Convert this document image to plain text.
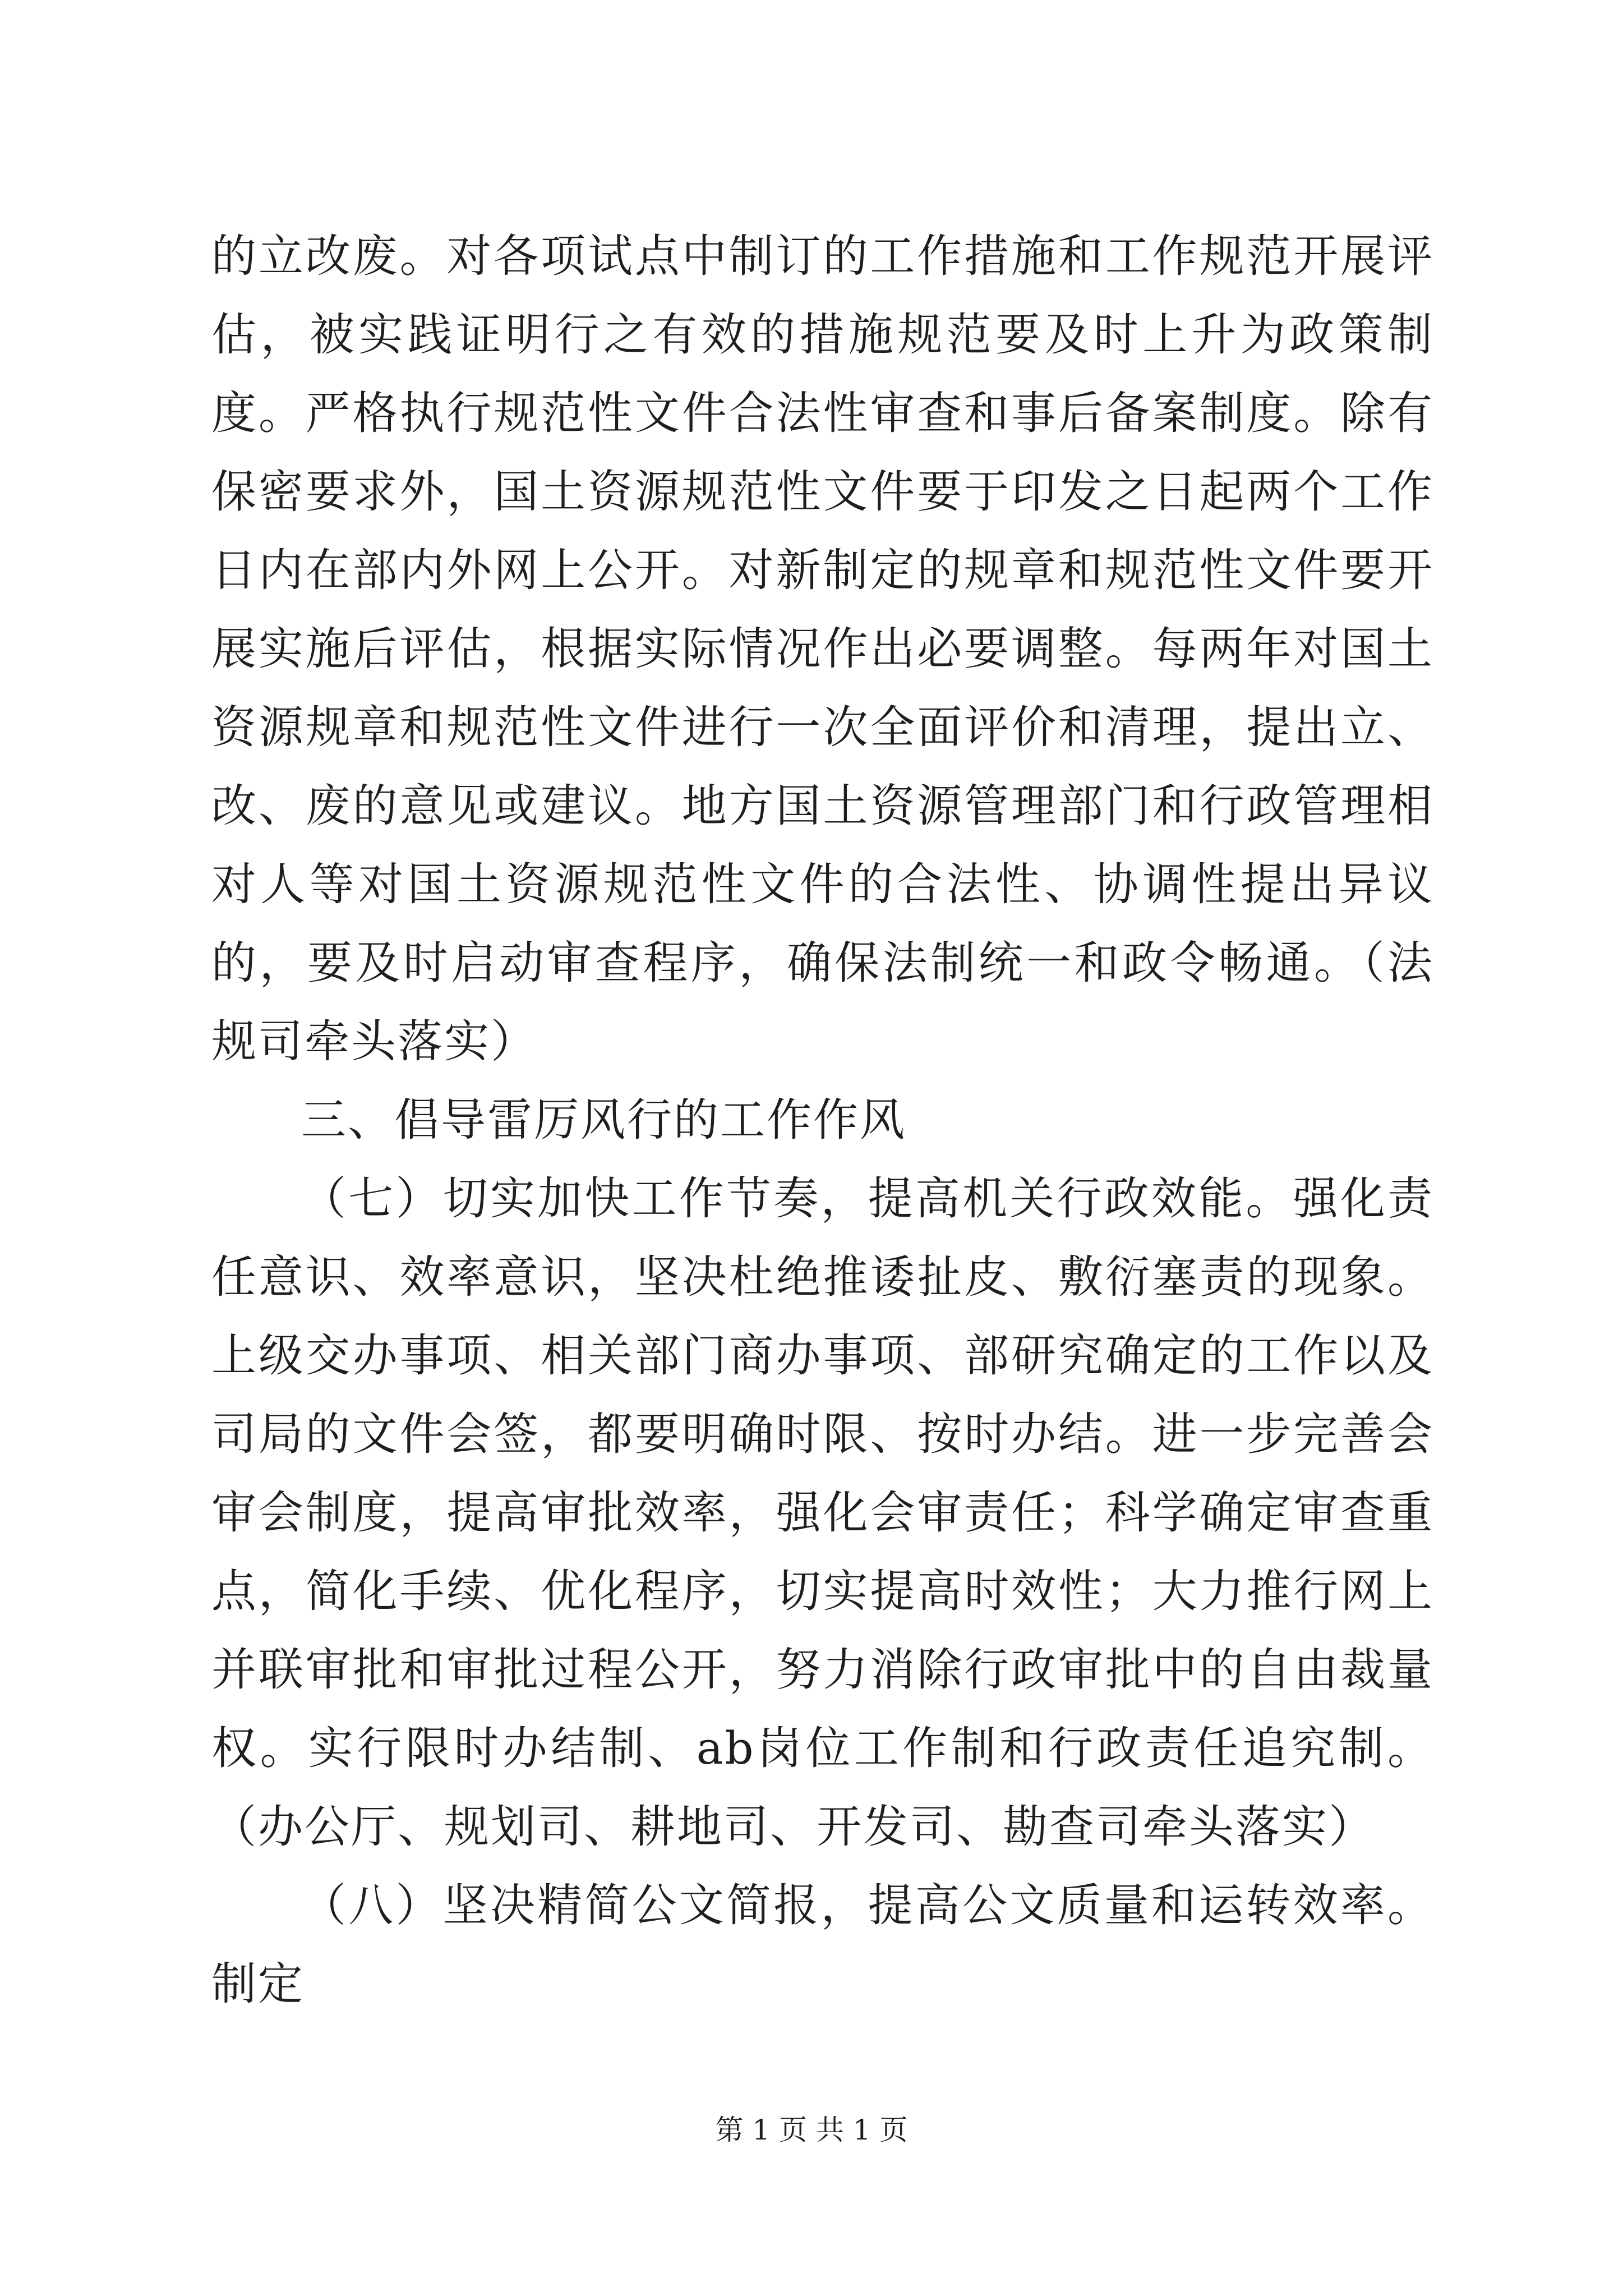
的立改废。对各项试点中制订的工作措施和工作规范开展评估，被实践证明行之有效的措施规范要及时上升为政策制度。严格执行规范性文件合法性审查和事后备案制度。除有保密要求外，国土资源规范性文件要于印发之日起两个工作日内在部内外网上公开。对新制定的规章和规范性文件要开展实施后评估，根据实际情况作出必要调整。每两年对国土资源规章和规范性文件进行一次全面评价和清理，提出立、改、废的意见或建议。地方国土资源管理部门和行政管理相对人等对国土资源规范性文件的合法性、协调性提出异议的，要及时启动审查程序，确保法制统一和政令畅通。（法规司牵头落实）

三、倡导雷厉风行的工作作风

（七）切实加快工作节奏，提高机关行政效能。强化责任意识、效率意识，坚决杜绝推诿扯皮、敷衍塞责的现象。上级交办事项、相关部门商办事项、部研究确定的工作以及司局的文件会签，都要明确时限、按时办结。进一步完善会审会制度，提高审批效率，强化会审责任；科学确定审查重点，简化手续、优化程序，切实提高时效性；大力推行网上并联审批和审批过程公开，努力消除行政审批中的自由裁量权。实行限时办结制、ab岗位工作制和行政责任追究制。（办公厅、规划司、耕地司、开发司、勘查司牵头落实）

（八）坚决精简公文简报，提高公文质量和运转效率。制定

第 1 页 共 1 页
